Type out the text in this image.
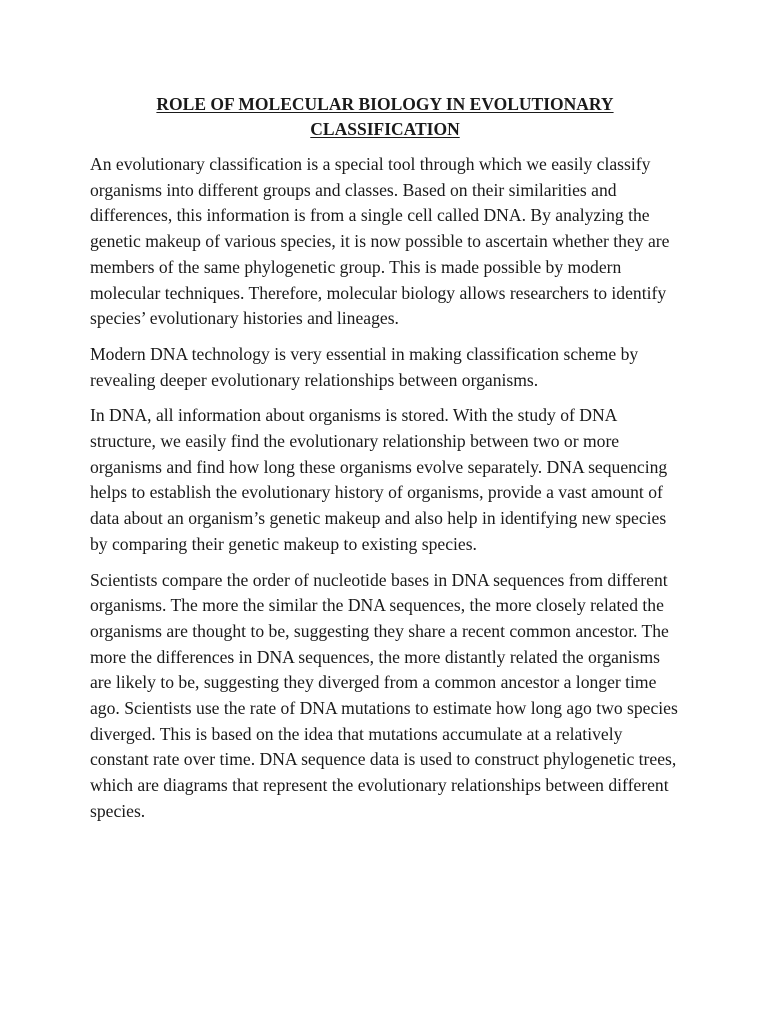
ROLE OF MOLECULAR BIOLOGY IN EVOLUTIONARY
CLASSIFICATION

An evolutionary classification is a special tool through which we easily classify organisms into different groups and classes. Based on their similarities and differences, this information is from a single cell called DNA. By analyzing the genetic makeup of various species, it is now possible to ascertain whether they are members of the same phylogenetic group. This is made possible by modern molecular techniques. Therefore, molecular biology allows researchers to identify species’ evolutionary histories and lineages.

Modern DNA technology is very essential in making classification scheme by revealing deeper evolutionary relationships between organisms.

In DNA, all information about organisms is stored. With the study of DNA structure, we easily find the evolutionary relationship between two or more organisms and find how long these organisms evolve separately. DNA sequencing helps to establish the evolutionary history of organisms, provide a vast amount of data about an organism’s genetic makeup and also help in identifying new species by comparing their genetic makeup to existing species.

Scientists compare the order of nucleotide bases in DNA sequences from different organisms. The more the similar the DNA sequences, the more closely related the organisms are thought to be, suggesting they share a recent common ancestor. The more the differences in DNA sequences, the more distantly related the organisms are likely to be, suggesting they diverged from a common ancestor a longer time ago. Scientists use the rate of DNA mutations to estimate how long ago two species diverged. This is based on the idea that mutations accumulate at a relatively constant rate over time. DNA sequence data is used to construct phylogenetic trees, which are diagrams that represent the evolutionary relationships between different species.
